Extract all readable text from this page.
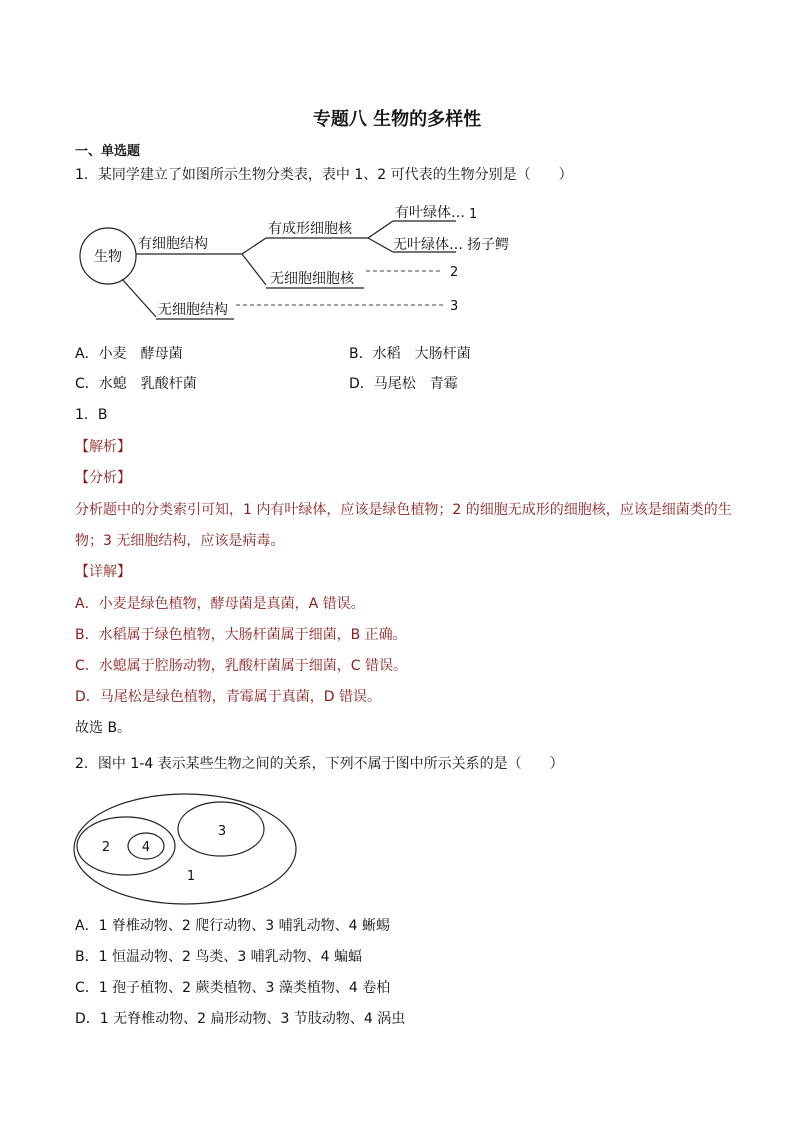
专题八 生物的多样性
一、单选题
1．某同学建立了如图所示生物分类表，表中 1、2 可代表的生物分别是（　　）
生物
有细胞结构
有成形细胞核
有叶绿体… 1
无叶绿体… 扬子鳄
无细胞细胞核	2
无细胞结构	3
A．小麦　酵母菌	B．水稻　大肠杆菌
C．水螅　乳酸杆菌	D．马尾松　青霉
1．B
【解析】
【分析】
分析题中的分类索引可知，1 内有叶绿体，应该是绿色植物；2 的细胞无成形的细胞核，应该是细菌类的生
物；3 无细胞结构，应该是病毒。
【详解】
A．小麦是绿色植物，酵母菌是真菌，A 错误。
B．水稻属于绿色植物，大肠杆菌属于细菌，B 正确。
C．水螅属于腔肠动物，乳酸杆菌属于细菌，C 错误。
D．马尾松是绿色植物，青霉属于真菌，D 错误。
故选 B。
2．图中 1-4 表示某些生物之间的关系，下列不属于图中所示关系的是（　　）
2 4
3
1
A．1 脊椎动物、2 爬行动物、3 哺乳动物、4 蜥蜴
B．1 恒温动物、2 鸟类、3 哺乳动物、4 蝙蝠
C．1 孢子植物、2 蕨类植物、3 藻类植物、4 卷柏
D．1 无脊椎动物、2 扁形动物、3 节肢动物、4 涡虫
